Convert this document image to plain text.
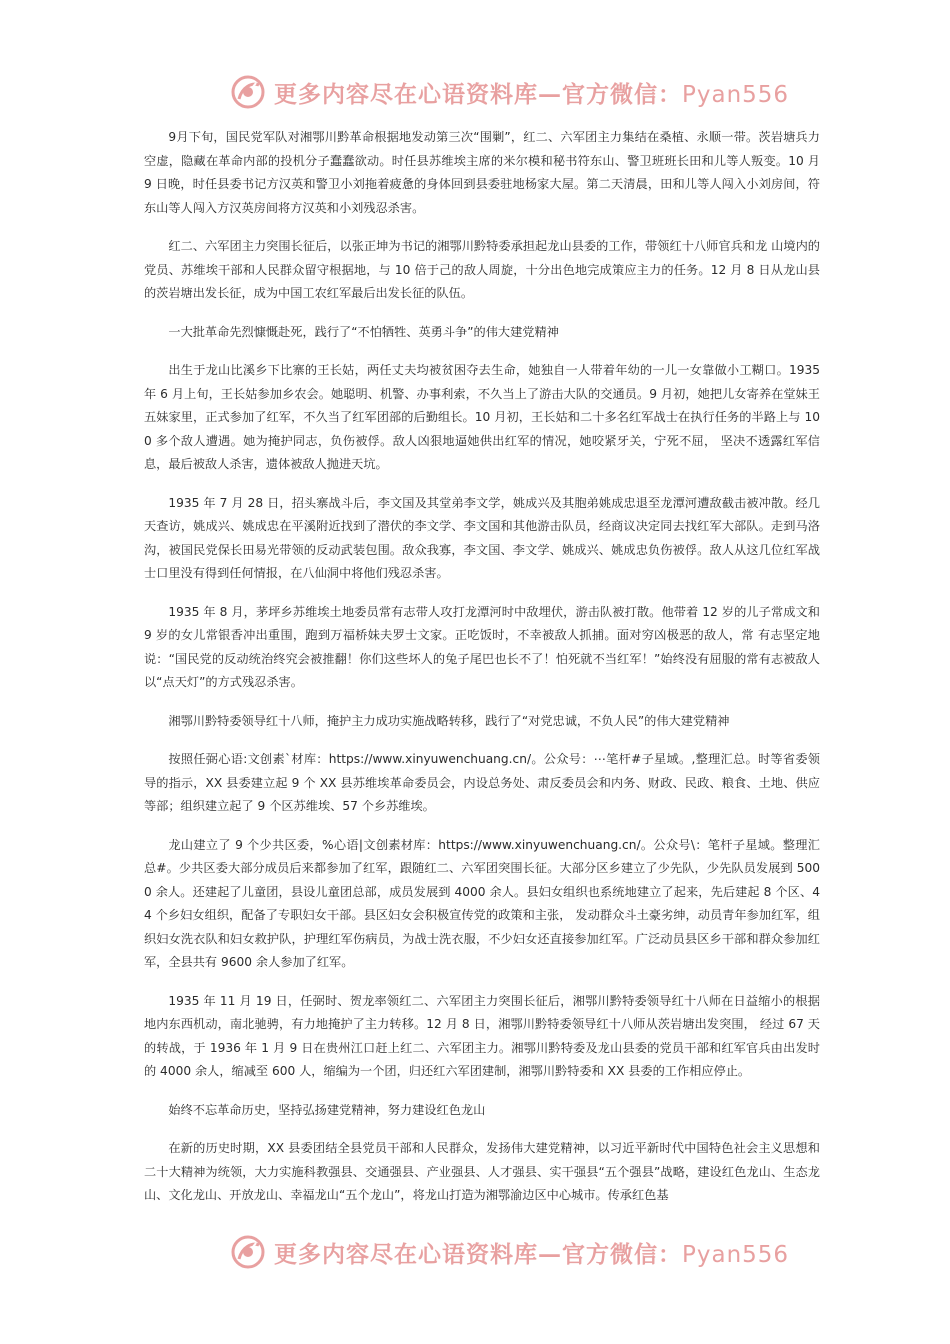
更多内容尽在心语资料库—官方微信：Pyan556

9月下旬，国民党军队对湘鄂川黔革命根据地发动第三次“围剿”，红二、六军团主力集结在桑植、永顺一带。茨岩塘兵力空虚，隐藏在革命内部的投机分子蠢蠢欲动。时任县苏维埃主席的米尔模和秘书符东山、警卫班班长田和儿等人叛变。10 月 9 日晚，时任县委书记方汉英和警卫小刘拖着疲惫的身体回到县委驻地杨家大屋。第二天清晨，田和儿等人闯入小刘房间，符东山等人闯入方汉英房间将方汉英和小刘残忍杀害。

红二、六军团主力突围长征后，以张正坤为书记的湘鄂川黔特委承担起龙山县委的工作，带领红十八师官兵和龙 山境内的党员、苏维埃干部和人民群众留守根据地，与 10 倍于己的敌人周旋，十分出色地完成策应主力的任务。12 月 8 日从龙山县的茨岩塘出发长征，成为中国工农红军最后出发长征的队伍。

一大批革命先烈慷慨赴死，践行了“不怕牺牲、英勇斗争”的伟大建党精神

出生于龙山比溪乡下比寨的王长姑，两任丈夫均被贫困夺去生命，她独自一人带着年幼的一儿一女靠做小工糊口。1935 年 6 月上旬，王长姑参加乡农会。她聪明、机警、办事利索，不久当上了游击大队的交通员。9 月初，她把儿女寄养在堂妹王五妹家里，正式参加了红军，不久当了红军团部的后勤组长。10 月初，王长姑和二十多名红军战士在执行任务的半路上与 100 多个敌人遭遇。她为掩护同志，负伤被俘。敌人凶狠地逼她供出红军的情况，她咬紧牙关，宁死不屈， 坚决不透露红军信息，最后被敌人杀害，遗体被敌人抛进天坑。

1935 年 7 月 28 日，招头寨战斗后，李文国及其堂弟李文学，姚成兴及其胞弟姚成忠退至龙潭河遭敌截击被冲散。经几天查访，姚成兴、姚成忠在平溪附近找到了潜伏的李文学、李文国和其他游击队员，经商议决定同去找红军大部队。走到马洛沟，被国民党保长田易光带领的反动武装包围。敌众我寡，李文国、李文学、姚成兴、姚成忠负伤被俘。敌人从这几位红军战士口里没有得到任何情报，在八仙洞中将他们残忍杀害。

1935 年 8 月，茅坪乡苏维埃土地委员常有志带人攻打龙潭河时中敌埋伏，游击队被打散。他带着 12 岁的儿子常成文和 9 岁的女儿常银香冲出重围，跑到万福桥妹夫罗士文家。正吃饭时，不幸被敌人抓捕。面对穷凶极恶的敌人，常 有志坚定地说：“国民党的反动统治终究会被推翻！你们这些坏人的兔子尾巴也长不了！怕死就不当红军！”始终没有屈服的常有志被敌人以“点天灯”的方式残忍杀害。

湘鄂川黔特委领导红十八师，掩护主力成功实施战略转移，践行了“对党忠诚，不负人民”的伟大建党精神

按照任弼心语:文创素`材库：https://www.xinyuwenchuang.cn/。公众号：⋯笔杆#子星域。,整理汇总。时等省委领导的指示，XX 县委建立起 9 个 XX 县苏维埃革命委员会，内设总务处、肃反委员会和内务、财政、民政、粮食、土地、供应等部；组织建立起了 9 个区苏维埃、57 个乡苏维埃。

龙山建立了 9 个少共区委，%心语|文创素材库：https://www.xinyuwenchuang.cn/。公众号\：笔杆子星域。整理汇总#。少共区委大部分成员后来都参加了红军，跟随红二、六军团突围长征。大部分区乡建立了少先队，少先队员发展到 5000 余人。还建起了儿童团，县设儿童团总部，成员发展到 4000 余人。县妇女组织也系统地建立了起来，先后建起 8 个区、44 个乡妇女组织，配备了专职妇女干部。县区妇女会积极宣传党的政策和主张， 发动群众斗土豪劣绅，动员青年参加红军，组织妇女洗衣队和妇女救护队，护理红军伤病员，为战士洗衣服，不少妇女还直接参加红军。广泛动员县区乡干部和群众参加红军，全县共有 9600 余人参加了红军。

1935 年 11 月 19 日，任弼时、贺龙率领红二、六军团主力突围长征后，湘鄂川黔特委领导红十八师在日益缩小的根据地内东西机动，南北驰骋，有力地掩护了主力转移。12 月 8 日，湘鄂川黔特委领导红十八师从茨岩塘出发突围， 经过 67 天的转战，于 1936 年 1 月 9 日在贵州江口赶上红二、六军团主力。湘鄂川黔特委及龙山县委的党员干部和红军官兵由出发时的 4000 余人，缩减至 600 人，缩编为一个团，归还红六军团建制，湘鄂川黔特委和 XX 县委的工作相应停止。

始终不忘革命历史，坚持弘扬建党精神，努力建设红色龙山

在新的历史时期，XX 县委团结全县党员干部和人民群众，发扬伟大建党精神，以习近平新时代中国特色社会主义思想和二十大精神为统领，大力实施科教强县、交通强县、产业强县、人才强县、实干强县“五个强县”战略，建设红色龙山、生态龙山、文化龙山、开放龙山、幸福龙山“五个龙山”，将龙山打造为湘鄂渝边区中心城市。传承红色基

更多内容尽在心语资料库—官方微信：Pyan556
